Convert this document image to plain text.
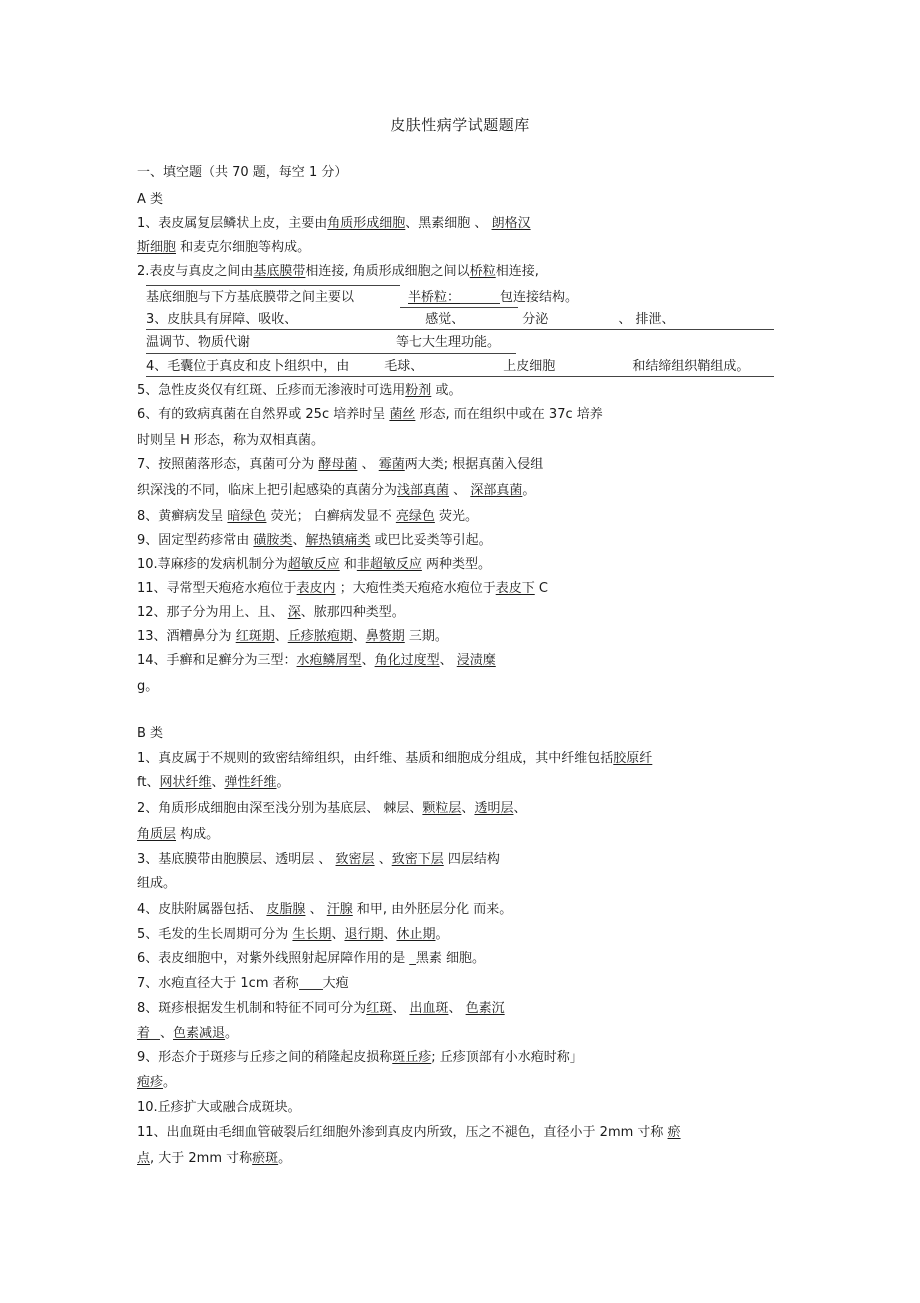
皮肤性病学试题题库
一、填空题（共 70 题，每空 1 分）
A 类
1、表皮属复层鳞状上皮，主要由角质形成细胞、黑素细胞 、 朗格汉
斯细胞 和麦克尔细胞等构成。
2.表皮与真皮之间由基底膜带相连接, 角质形成细胞之间以桥粒相连接,
基底细胞与下方基底膜带之间主要以	半桥粒：	包连接结构。
3、皮肤具有屏障、吸收、	感觉、	分泌	、 排泄、
温调节、物质代谢	等七大生理功能。
4、毛囊位于真皮和皮卜组织中，由	毛球、	上皮细胞	和结缔组织鞘组成。
5、急性皮炎仅有红斑、丘疹而无渗液时可选用粉剂 或。
6、有的致病真菌在自然界或 25c 培养时呈 菌丝 形态, 而在组织中或在 37c 培养
时则呈 H 形态，称为双相真菌。
7、按照菌落形态，真菌可分为 酵母菌 、 霉菌两大类; 根据真菌入侵组
织深浅的不同，临床上把引起感染的真菌分为浅部真菌 、 深部真菌。
8、黄癣病发呈 暗绿色 荧光； 白癣病发显不 亮绿色 荧光。
9、固定型药疹常由 磺胺类、解热镇痛类 或巴比妥类等引起。
10.荨麻疹的发病机制分为超敏反应 和非超敏反应 两种类型。
11、寻常型天疱疮水疱位于表皮内 ；大疱性类天疱疮水疱位于表皮下 C
12、那子分为用上、且、 深、脓那四种类型。
13、酒糟鼻分为 红斑期、丘疹脓疱期、鼻赘期 三期。
14、手癣和足癣分为三型：水疱鳞屑型、角化过度型、 浸渍糜
g。
B 类
1、真皮属于不规则的致密结缔组织，由纤维、基质和细胞成分组成，其中纤维包括胶原纤
ft、网状纤维、弹性纤维。
2、角质形成细胞由深至浅分别为基底层、 棘层、颗粒层、透明层、
角质层 构成。
3、基底膜带由胞膜层、透明层 、 致密层 、致密下层 四层结构
组成。
4、皮肤附属器包括、 皮脂腺 、 汗腺 和甲, 由外胚层分化 而来。
5、毛发的生长周期可分为 生长期、退行期、休止期。
6、表皮细胞中，对紫外线照射起屏障作用的是 _黑素 细胞。
7、水疱直径大于 1cm 者称 大疱
8、斑疹根据发生机制和特征不同可分为红斑、 出血斑、 色素沉
着 、色素减退。
9、形态介于斑疹与丘疹之间的稍隆起皮损称斑丘疹; 丘疹顶部有小水疱时称」
疱疹。
10.丘疹扩大或融合成斑块。
11、出血斑由毛细血管破裂后红细胞外渗到真皮内所致，压之不褪色，直径小于 2mm 寸称 瘀
点, 大于 2mm 寸称瘀斑。
